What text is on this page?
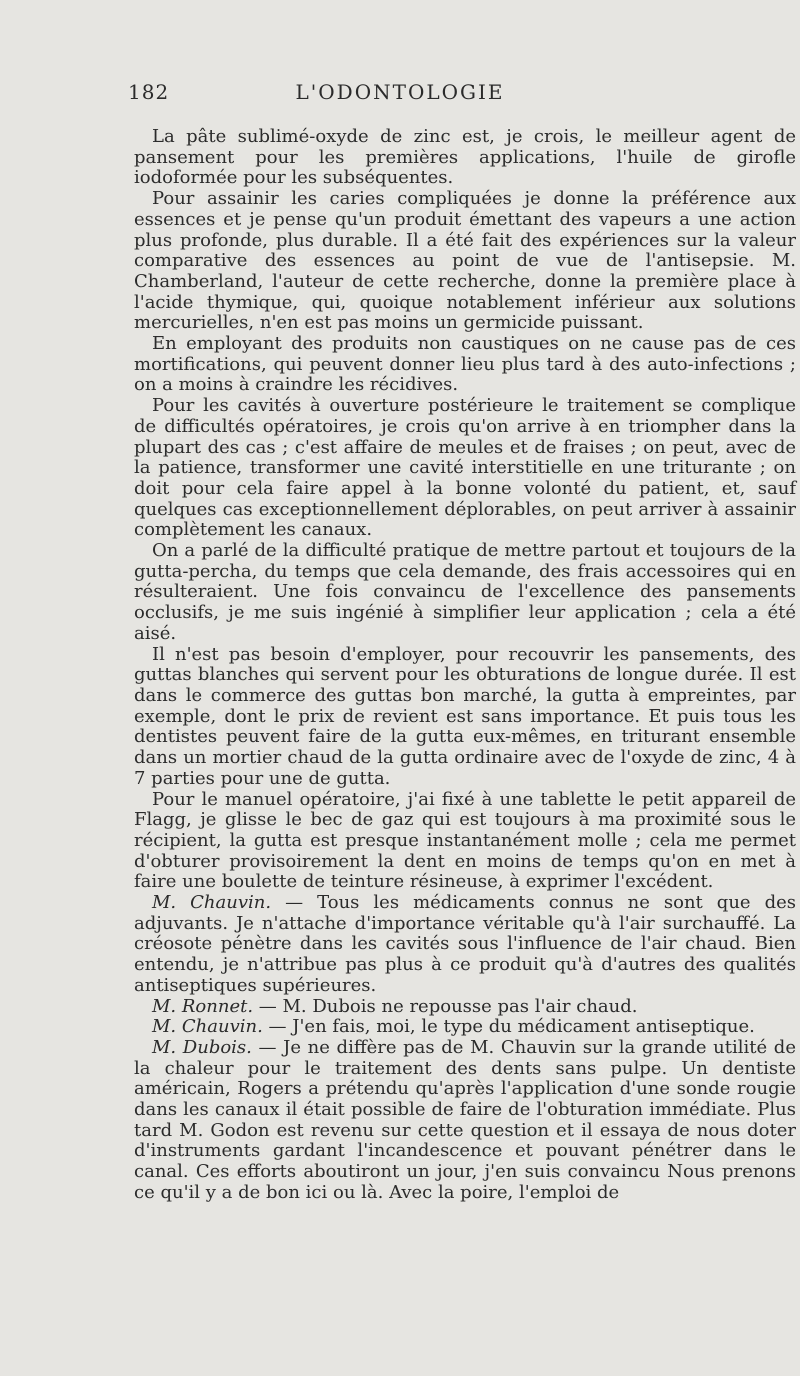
182	L'ODONTOLOGIE

La pâte sublimé-oxyde de zinc est, je crois, le meilleur agent de pansement pour les premières applications, l'huile de girofle iodoformée pour les subséquentes.

Pour assainir les caries compliquées je donne la préférence aux essences et je pense qu'un produit émettant des vapeurs a une action plus profonde, plus durable. Il a été fait des expériences sur la valeur comparative des essences au point de vue de l'antisepsie. M. Chamberland, l'auteur de cette recherche, donne la première place à l'acide thymique, qui, quoique notablement inférieur aux solutions mercurielles, n'en est pas moins un germicide puissant.

En employant des produits non caustiques on ne cause pas de ces mortifications, qui peuvent donner lieu plus tard à des auto-infections ; on a moins à craindre les récidives.

Pour les cavités à ouverture postérieure le traitement se complique de difficultés opératoires, je crois qu'on arrive à en triompher dans la plupart des cas ; c'est affaire de meules et de fraises ; on peut, avec de la patience, transformer une cavité interstitielle en une triturante ; on doit pour cela faire appel à la bonne volonté du patient, et, sauf quelques cas exceptionnellement déplorables, on peut arriver à assainir complètement les canaux.

On a parlé de la difficulté pratique de mettre partout et toujours de la gutta-percha, du temps que cela demande, des frais accessoires qui en résulteraient. Une fois convaincu de l'excellence des pansements occlusifs, je me suis ingénié à simplifier leur application ; cela a été aisé.

Il n'est pas besoin d'employer, pour recouvrir les pansements, des guttas blanches qui servent pour les obturations de longue durée. Il est dans le commerce des guttas bon marché, la gutta à empreintes, par exemple, dont le prix de revient est sans importance. Et puis tous les dentistes peuvent faire de la gutta eux-mêmes, en triturant ensemble dans un mortier chaud de la gutta ordinaire avec de l'oxyde de zinc, 4 à 7 parties pour une de gutta.

Pour le manuel opératoire, j'ai fixé à une tablette le petit appareil de Flagg, je glisse le bec de gaz qui est toujours à ma proximité sous le récipient, la gutta est presque instantanément molle ; cela me permet d'obturer provisoirement la dent en moins de temps qu'on en met à faire une boulette de teinture résineuse, à exprimer l'excédent.

M. Chauvin. — Tous les médicaments connus ne sont que des adjuvants. Je n'attache d'importance véritable qu'à l'air surchauffé. La créosote pénètre dans les cavités sous l'influence de l'air chaud. Bien entendu, je n'attribue pas plus à ce produit qu'à d'autres des qualités antiseptiques supérieures.

M. Ronnet. — M. Dubois ne repousse pas l'air chaud.

M. Chauvin. — J'en fais, moi, le type du médicament antiseptique.

M. Dubois. — Je ne diffère pas de M. Chauvin sur la grande utilité de la chaleur pour le traitement des dents sans pulpe. Un dentiste américain, Rogers a prétendu qu'après l'application d'une sonde rougie dans les canaux il était possible de faire de l'obturation immédiate. Plus tard M. Godon est revenu sur cette question et il essaya de nous doter d'instruments gardant l'incandescence et pouvant pénétrer dans le canal. Ces efforts aboutiront un jour, j'en suis convaincu Nous prenons ce qu'il y a de bon ici ou là. Avec la poire, l'emploi de
